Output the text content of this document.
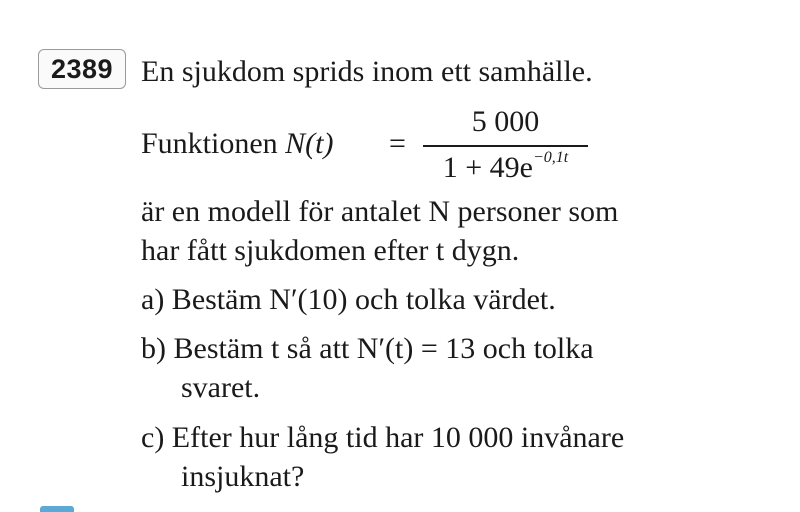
2389 En sjukdom sprids inom ett samhälle.
Funktionen N(t) =
5 000
$1 + 49e^{-0,1t}$
är en modell för antalet N personer som
har fått sjukdomen efter t dygn.
a) Bestäm N′(10) och tolka värdet.
b) Bestäm t så att N′(t) = 13 och tolka
svaret.
c) Efter hur lång tid har 10 000 invånare
insjuknat?
